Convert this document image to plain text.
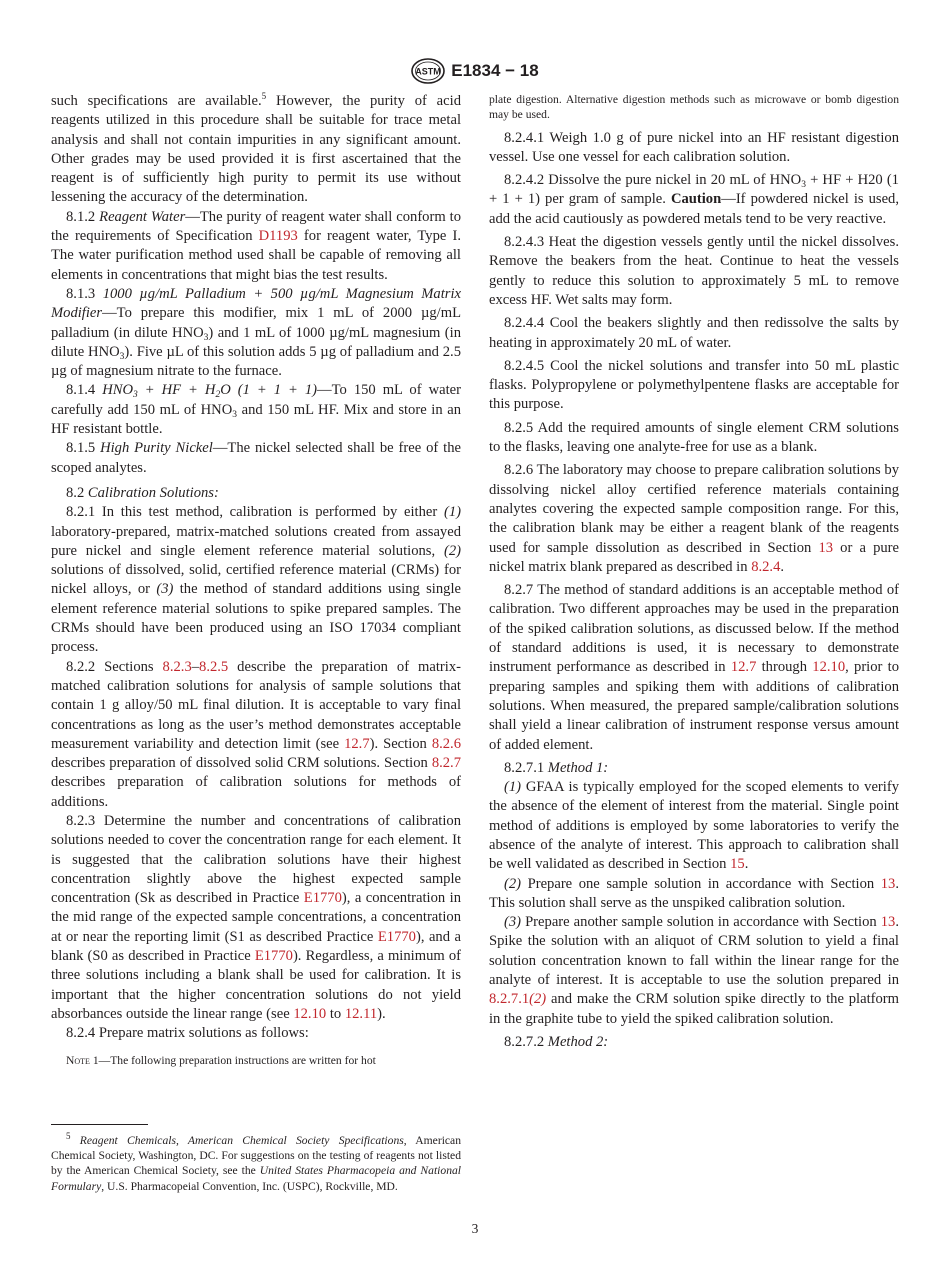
ASTM E1834 − 18

such specifications are available.$^5$ However, the purity of acid reagents utilized in this procedure shall be suitable for trace metal analysis and shall not contain impurities in any significant amount. Other grades may be used provided it is first ascertained that the reagent is of sufficiently high purity to permit its use without lessening the accuracy of the determination.

8.1.2 Reagent Water—The purity of reagent water shall conform to the requirements of Specification D1193 for reagent water, Type I. The water purification method used shall be capable of removing all elements in concentrations that might bias the test results.

8.1.3 1000 µg/mL Palladium + 500 µg/mL Magnesium Matrix Modifier—To prepare this modifier, mix 1 mL of 2000 µg/mL palladium (in dilute $HNO_3$) and 1 mL of 1000 µg/mL magnesium (in dilute $HNO_3$). Five µL of this solution adds 5 µg of palladium and 2.5 µg of magnesium nitrate to the furnace.

8.1.4 $HNO_3$ + HF + $H_2O$ (1 + 1 + 1)—To 150 mL of water carefully add 150 mL of $HNO_3$ and 150 mL HF. Mix and store in an HF resistant bottle.

8.1.5 High Purity Nickel—The nickel selected shall be free of the scoped analytes.

8.2 Calibration Solutions:

8.2.1 In this test method, calibration is performed by either (1) laboratory-prepared, matrix-matched solutions created from assayed pure nickel and single element reference material solutions, (2) solutions of dissolved, solid, certified reference material (CRMs) for nickel alloys, or (3) the method of standard additions using single element reference material solutions to spike prepared samples. The CRMs should have been produced using an ISO 17034 compliant process.

8.2.2 Sections 8.2.3–8.2.5 describe the preparation of matrix-matched calibration solutions for analysis of sample solutions that contain 1 g alloy/50 mL final dilution. It is acceptable to vary final concentrations as long as the user’s method demonstrates acceptable measurement variability and detection limit (see 12.7). Section 8.2.6 describes preparation of dissolved solid CRM solutions. Section 8.2.7 describes preparation of calibration solutions for methods of additions.

8.2.3 Determine the number and concentrations of calibration solutions needed to cover the concentration range for each element. It is suggested that the calibration solutions have their highest concentration slightly above the highest expected sample concentration (Sk as described in Practice E1770), a concentration in the mid range of the expected sample concentrations, a concentration at or near the reporting limit (S1 as described Practice E1770), and a blank (S0 as described in Practice E1770). Regardless, a minimum of three solutions including a blank shall be used for calibration. It is important that the higher concentration solutions do not yield absorbances outside the linear range (see 12.10 to 12.11).

8.2.4 Prepare matrix solutions as follows:

Note 1—The following preparation instructions are written for hot

$^5$ Reagent Chemicals, American Chemical Society Specifications, American Chemical Society, Washington, DC. For suggestions on the testing of reagents not listed by the American Chemical Society, see the United States Pharmacopeia and National Formulary, U.S. Pharmacopeial Convention, Inc. (USPC), Rockville, MD.

plate digestion. Alternative digestion methods such as microwave or bomb digestion may be used.

8.2.4.1 Weigh 1.0 g of pure nickel into an HF resistant digestion vessel. Use one vessel for each calibration solution.

8.2.4.2 Dissolve the pure nickel in 20 mL of $HNO_3$ + HF + H20 (1 + 1 + 1) per gram of sample. Caution—If powdered nickel is used, add the acid cautiously as powdered metals tend to be very reactive.

8.2.4.3 Heat the digestion vessels gently until the nickel dissolves. Remove the beakers from the heat. Continue to heat the vessels gently to reduce this solution to approximately 5 mL to remove excess HF. Wet salts may form.

8.2.4.4 Cool the beakers slightly and then redissolve the salts by heating in approximately 20 mL of water.

8.2.4.5 Cool the nickel solutions and transfer into 50 mL plastic flasks. Polypropylene or polymethylpentene flasks are acceptable for this purpose.

8.2.5 Add the required amounts of single element CRM solutions to the flasks, leaving one analyte-free for use as a blank.

8.2.6 The laboratory may choose to prepare calibration solutions by dissolving nickel alloy certified reference materials containing analytes covering the expected sample composition range. For this, the calibration blank may be either a reagent blank of the reagents used for sample dissolution as described in Section 13 or a pure nickel matrix blank prepared as described in 8.2.4.

8.2.7 The method of standard additions is an acceptable method of calibration. Two different approaches may be used in the preparation of the spiked calibration solutions, as discussed below. If the method of standard additions is used, it is necessary to demonstrate instrument performance as described in 12.7 through 12.10, prior to preparing samples and spiking them with additions of calibration solutions. When measured, the prepared sample/calibration solutions shall yield a linear calibration of instrument response versus amount of added element.

8.2.7.1 Method 1:

(1) GFAA is typically employed for the scoped elements to verify the absence of the element of interest from the material. Single point method of additions is employed by some laboratories to verify the absence of the analyte of interest. This approach to calibration shall be well validated as described in Section 15.

(2) Prepare one sample solution in accordance with Section 13. This solution shall serve as the unspiked calibration solution.

(3) Prepare another sample solution in accordance with Section 13. Spike the solution with an aliquot of CRM solution to yield a final solution concentration known to fall within the linear range for the analyte of interest. It is acceptable to use the solution prepared in 8.2.7.1(2) and make the CRM solution spike directly to the platform in the graphite tube to yield the spiked calibration solution.

8.2.7.2 Method 2:

3
